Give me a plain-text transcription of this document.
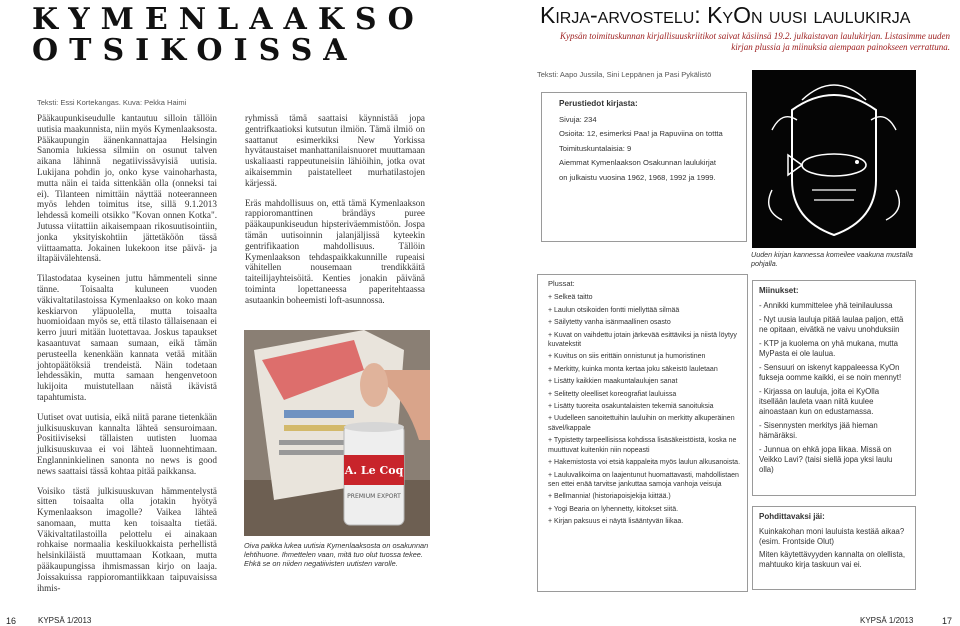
KYMENLAAKSO OTSIKOISSA
Teksti: Essi Kortekangas. Kuva: Pekka Haimi

Pääkaupunkiseudulle kantautuu silloin tällöin uutisia maakunnista, niin myös Kymenlaaksosta. Pääkaupungin äänenkannattajaa Helsingin Sanomia lukiessa silmiin on osunut talven aikana lähinnä negatiivissävyisiä uutisia. Lukijana pohdin jo, onko kyse vainoharhasta, mutta näin ei taida sittenkään olla (onneksi tai ei). Tilanteen nimittäin näyttää noteeranneen myös lehden toimitus itse, sillä 9.1.2013 lehdessä komeili otsikko "Kovan onnen Kotka". Jutussa viitattiin aikaisempaan rikosuutisointiin, jonka yksityiskohtiin jättetäköön tässä viittaamatta. Jokainen lukekoon itse päivä- ja iltapäivälehtensä.

Tilastodataa kyseinen juttu hämmenteli sinne tänne. Toisaalta kuluneen vuoden väkivaltatilastoissa Kymenlaakso on koko maan keskiarvon yläpuolella, mutta toisaalta huomioidaan myös se, että tilasto tällaisenaan ei kerro juuri mitään luotettavaa. Joskus tapaukset kasaantuvat samaan sumaan, eikä tämän perusteella kenenkään kannata vetää mitään johtopäätöksiä trendeistä. Näin todetaan lehdessäkin, mutta samaan hengenvetoon lukijoita muistutellaan näistä ikävistä tapahtumista.

Uutiset ovat uutisia, eikä niitä parane tietenkään julkisuuskuvan kannalta lähteä sensuroimaan. Positiiviseksi tällaisten uutisten luomaa julkisuuskuvaa ei voi lähteä luonnehtimaan. Englanninkielinen sanonta no news is good news saattaisi tässä kohtaa pitää paikkansa.

Voisiko tästä julkisuuskuvan hämmentelystä sitten toisaalta olla jotakin hyötyä Kymenlaakson imagolle? Vaikea lähteä sanomaan, mutta ken toisaalta tietää. Väkivaltatilastoilla pelottelu ei ainakaan rohkaise normaalia keskiluokkaista perhellistä helsinkiläistä muuttamaan Kotkaan, mutta pääkaupungissa ihmismassan kirjo on laaja. Joissakuissa rappioromantiikkaan taipuvaisissa ihmis-

ryhmissä tämä saattaisi käynnistää jopa gentrifkaatioksi kutsutun ilmiön. Tämä ilmiö on saattanut esimerkiksi New Yorkissa hyvätaustaiset manhattanilaisnuoret muuttamaan uskaliaasti rappeutuneisiin lähiöihin, jotka ovat aikaisemmin paistatelleet murhatilastojen kärjessä.

Eräs mahdollisuus on, että tämä Kymenlaakson rappioromanttinen brändäys puree pääkaupunkiseudun hipsteriväemmistöön. Jospa tämän uutisoinnin jalanjäljissä kyteekin gentrifikaation mahdollisuus. Tällöin Kymenlaakson tehdaspaikkakunnille rupeaisi vähitellen nousemaan trendikkäitä taiteilijayhteisöitä. Kenties jonakin päivänä toiminta lopettaneessa paperitehtaassa asutaankin boheemisti loft-asunnossa.

A. Le Coq
PREMIUM EXPORT
Oiva paikka lukea uutisia Kymenlaaksosta on osakunnan lehtihuone. Ihmettelen vaan, mitä tuo olut tuossa tekee. Ehkä se on niiden negatiivisten uutisten varolle.
16	KYPSÄ 1/2013
Kirja-arvostelu: KyOn uusi laulukirja
Kypsän toimituskunnan kirjallisuuskriitikot saivat käsiinsä 19.2. julkaistavan laulukirjan. Listasimme uuden kirjan plussia ja miinuksia aiempaan painokseen verrattuna.
Teksti: Aapo Jussila, Sini Leppänen ja Pasi Pykälistö
Perustiedot kirjasta:
Sivuja: 234
Osioita: 12, esimerksi Paa! ja Rapuviina on tottta
Toimituskuntalaisia: 9
Aiemmat Kymenlaakson Osakunnan laulukirjat
on julkaistu vuosina 1962, 1968, 1992 ja 1999.
Uuden kirjan kannessa komeilee vaakuna mustalla pohjalla.
Plussat:
+ Selkeä taitto
+ Laulun otsikoiden fontti miellyttää silmää
+ Säilytetty vanha isänmaallinen osasto
+ Kuvat on vaihdettu jotain järkevää esittäviksi ja niistä löytyy kuvatekstit
+ Kuvitus on siis erittäin onnistunut ja humoristinen
+ Merkitty, kuinka monta kertaa joku säkeistö lauletaan
+ Lisätty kaikkien maakuntalaulujen sanat
+ Selitetty oleelliset koreografiat lauluissa
+ Lisätty tuoreita osakuntalaisten tekemiä sanoituksia
+ Uudelleen sanoitettuihin lauluihin on merkitty alkuperäinen sävel/kappale
+ Typistetty tarpeellisissa kohdissa lisäsäkeistöistä, koska ne muuttuvat kuitenkin niin nopeasti
+ Hakemistosta voi etsiä kappaleita myös laulun alkusanoista.
+ Lauluvalikoima on laajentunut huomattavasti, mahdollistaen sen ettei enää tarvitse jankuttaa samoja vanhoja veisuja
+ Bellmannia! (historiapoisjekija kiittää.)
+ Yogi Bearia on lyhennetty, kiitokset siitä.
+ Kirjan paksuus ei näytä lisääntyvän liikaa.
Miinukset:
- Annikki kummittelee yhä teinilaulussa
- Nyt uusia lauluja pitää laulaa paljon, että ne opitaan, eivätkä ne vaivu unohduksiin
- KTP ja kuolema on yhä mukana, mutta MyPasta ei ole laulua.
- Sensuuri on iskenyt kappaleessa KyOn fukseja oomme kaikki, ei se noin mennyt!
- Kirjassa on lauluja, joita ei KyOlla itsellään lauleta vaan niitä kuulee ainoastaan kun on edustamassa.
- Sisennysten merkitys jää hieman hämäräksi.
- Junnua on ehkä jopa liikaa. Missä on Veikko Lavi? (taisi siellä jopa yksi laulu olla)
Pohdittavaksi jäi:
Kuinkakohan moni lauluista kestää aikaa? (esim. Frontside Olut)
Miten käytettävyyden kannalta on olellista, mahtuuko kirja taskuun vai ei.
KYPSÄ 1/2013	17
